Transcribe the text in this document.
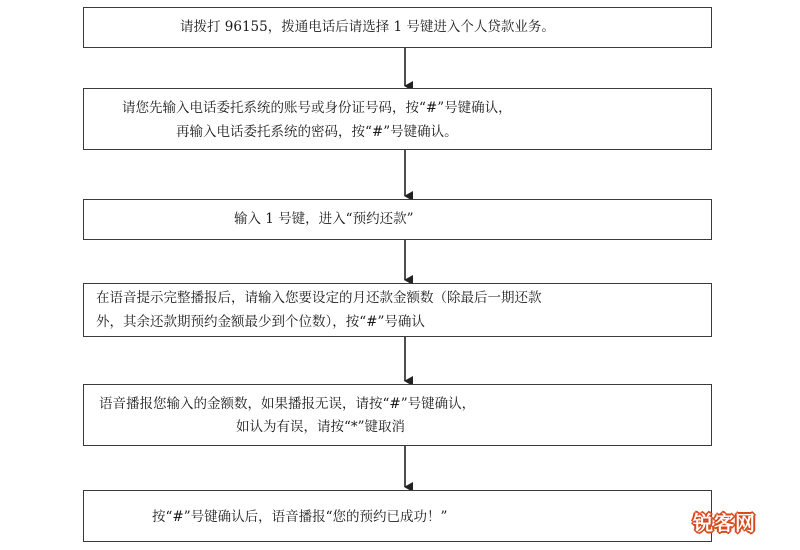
请拨打 96155，拨通电话后请选择 1 号键进入个人贷款业务。
请您先输入电话委托系统的账号或身份证号码，按“#”号键确认，
再输入电话委托系统的密码，按“#”号键确认。
输入 1 号键，进入“预约还款”
在语音提示完整播报后，请输入您要设定的月还款金额数（除最后一期还款
外，其余还款期预约金额最少到个位数），按“#”号确认
语音播报您输入的金额数，如果播报无误，请按“#”号键确认，
如认为有误，请按“*”键取消
按“#”号键确认后，语音播报“您的预约已成功！”	锐客网
